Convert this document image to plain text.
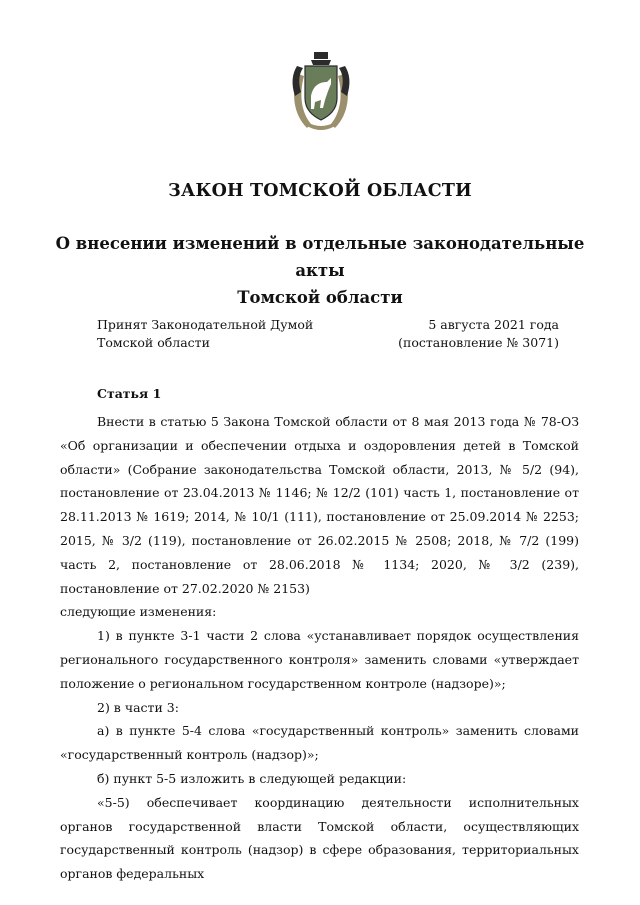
ЗАКОН ТОМСКОЙ ОБЛАСТИ
О внесении изменений в отдельные законодательные акты
Томской области
Принят Законодательной Думой
Томской области
5 августа 2021 года
(постановление № 3071)
Статья 1

Внести в статью 5 Закона Томской области от 8 мая 2013 года № 78-ОЗ «Об организации и обеспечении отдыха и оздоровления детей в Томской области» (Собрание законодательства Томской области, 2013, № 5/2 (94), постановление от 23.04.2013 № 1146; № 12/2 (101) часть 1, постановление от 28.11.2013 № 1619; 2014, № 10/1 (111), постановление от 25.09.2014 № 2253; 2015, № 3/2 (119), постановление от 26.02.2015 № 2508; 2018, № 7/2 (199) часть 2, постановление от 28.06.2018 № 1134; 2020, № 3/2 (239), постановление от 27.02.2020 № 2153)

следующие изменения:

1) в пункте 3-1 части 2 слова «устанавливает порядок осуществления регионального государственного контроля» заменить словами «утверждает положение о региональном государственном контроле (надзоре)»;

2) в части 3:

а) в пункте 5-4 слова «государственный контроль» заменить словами «государственный контроль (надзор)»;

б) пункт 5-5 изложить в следующей редакции:

«5-5) обеспечивает координацию деятельности исполнительных органов государственной власти Томской области, осуществляющих государственный контроль (надзор) в сфере образования, территориальных органов федеральных
